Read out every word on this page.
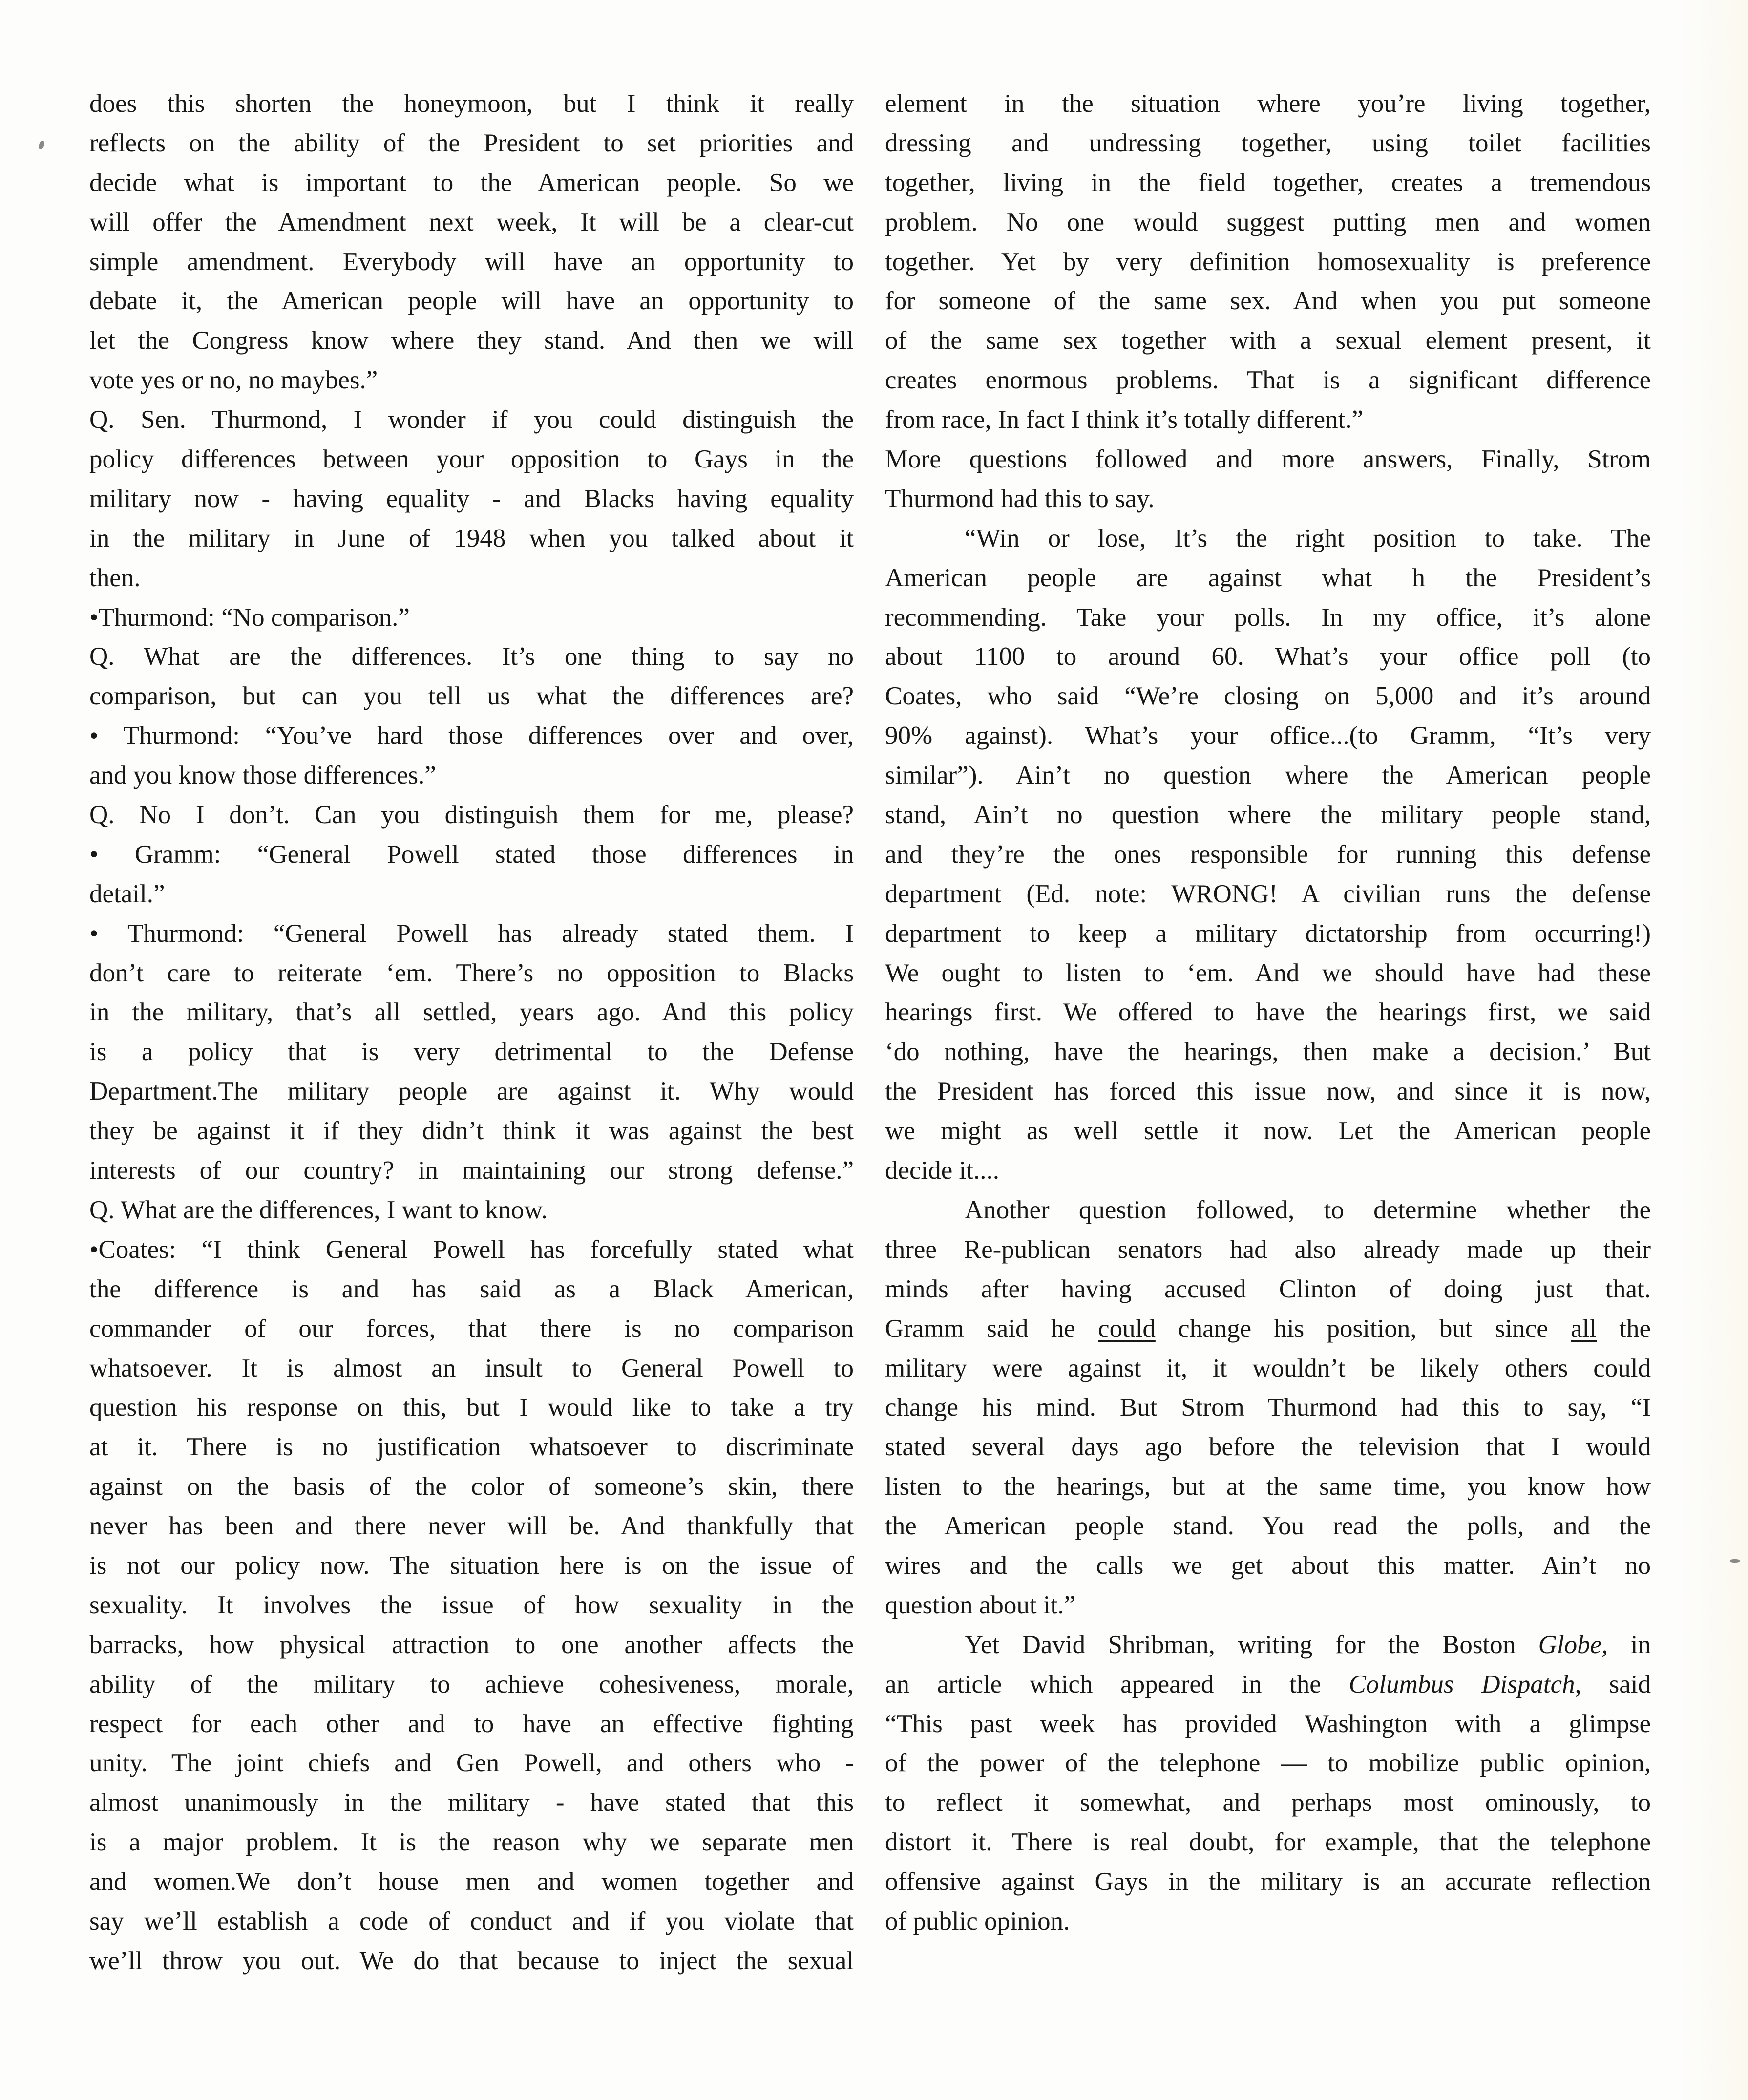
does this shorten the honeymoon, but I think it really
reflects on the ability of the President to set priorities and
decide what is important to the American people. So we
will offer the Amendment next week, It will be a clear-cut
simple amendment. Everybody will have an opportunity to
debate it, the American people will have an opportunity to
let the Congress know where they stand. And then we will
vote yes or no, no maybes.”
Q. Sen. Thurmond, I wonder if you could distinguish the
policy differences between your opposition to Gays in the
military now - having equality - and Blacks having equality
in the military in June of 1948 when you talked about it
then.
•Thurmond: “No comparison.”
Q. What are the differences. It’s one thing to say no
comparison, but can you tell us what the differences are?
• Thurmond: “You’ve hard those differences over and over,
and you know those differences.”
Q. No I don’t. Can you distinguish them for me, please?
• Gramm: “General Powell stated those differences in
detail.”
• Thurmond: “General Powell has already stated them. I
don’t care to reiterate ‘em. There’s no opposition to Blacks
in the military, that’s all settled, years ago. And this policy
is a policy that is very detrimental to the Defense
Department.The military people are against it. Why would
they be against it if they didn’t think it was against the best
interests of our country? in maintaining our strong defense.”
Q. What are the differences, I want to know.
•Coates: “I think General Powell has forcefully stated what
the difference is and has said as a Black American,
commander of our forces, that there is no comparison
whatsoever. It is almost an insult to General Powell to
question his response on this, but I would like to take a try
at it. There is no justification whatsoever to discriminate
against on the basis of the color of someone’s skin, there
never has been and there never will be. And thankfully that
is not our policy now. The situation here is on the issue of
sexuality. It involves the issue of how sexuality in the
barracks, how physical attraction to one another affects the
ability of the military to achieve cohesiveness, morale,
respect for each other and to have an effective fighting
unity. The joint chiefs and Gen Powell, and others who -
almost unanimously in the military - have stated that this
is a major problem. It is the reason why we separate men
and women.We don’t house men and women together and
say we’ll establish a code of conduct and if you violate that
we’ll throw you out. We do that because to inject the sexual
element in the situation where you’re living together,
dressing and undressing together, using toilet facilities
together, living in the field together, creates a tremendous
problem. No one would suggest putting men and women
together. Yet by very definition homosexuality is preference
for someone of the same sex. And when you put someone
of the same sex together with a sexual element present, it
creates enormous problems. That is a significant difference
from race, In fact I think it’s totally different.”
More questions followed and more answers, Finally, Strom
Thurmond had this to say.
“Win or lose, It’s the right position to take. The
American people are against what h the President’s
recommending. Take your polls. In my office, it’s alone
about 1100 to around 60. What’s your office poll (to
Coates, who said “We’re closing on 5,000 and it’s around
90% against). What’s your office...(to Gramm, “It’s very
similar”). Ain’t no question where the American people
stand, Ain’t no question where the military people stand,
and they’re the ones responsible for running this defense
department (Ed. note: WRONG! A civilian runs the defense
department to keep a military dictatorship from occurring!)
We ought to listen to ‘em. And we should have had these
hearings first. We offered to have the hearings first, we said
‘do nothing, have the hearings, then make a decision.’ But
the President has forced this issue now, and since it is now,
we might as well settle it now. Let the American people
decide it....
Another question followed, to determine whether the
three Re-publican senators had also already made up their
minds after having accused Clinton of doing just that.
Gramm said he could change his position, but since all the
military were against it, it wouldn’t be likely others could
change his mind. But Strom Thurmond had this to say, “I
stated several days ago before the television that I would
listen to the hearings, but at the same time, you know how
the American people stand. You read the polls, and the
wires and the calls we get about this matter. Ain’t no
question about it.”
Yet David Shribman, writing for the Boston Globe, in
an article which appeared in the Columbus Dispatch, said
“This past week has provided Washington with a glimpse
of the power of the telephone — to mobilize public opinion,
to reflect it somewhat, and perhaps most ominously, to
distort it. There is real doubt, for example, that the telephone
offensive against Gays in the military is an accurate reflection
of public opinion.
